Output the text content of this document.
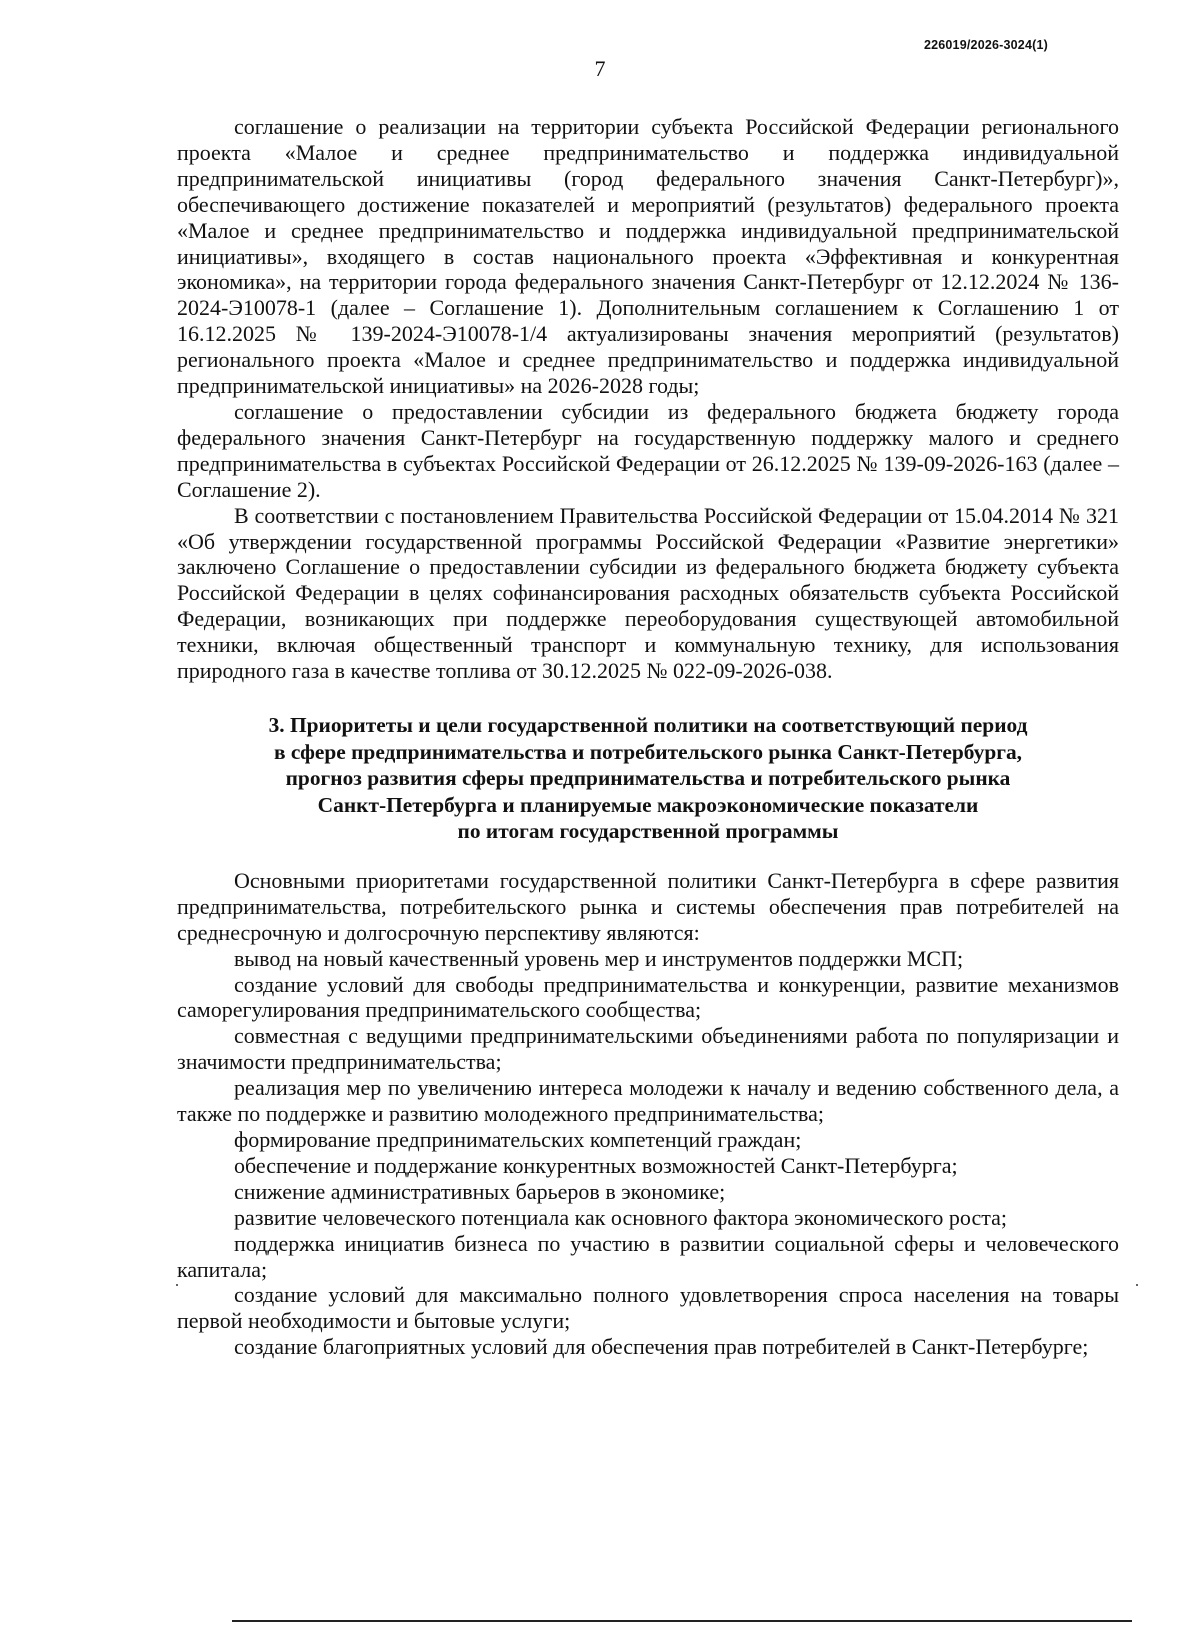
226019/2026-3024(1)
7

соглашение о реализации на территории субъекта Российской Федерации регионального проекта «Малое и среднее предпринимательство и поддержка индивидуальной предпринимательской инициативы (город федерального значения Санкт-Петербург)», обеспечивающего достижение показателей и мероприятий (результатов) федерального проекта «Малое и среднее предпринимательство и поддержка индивидуальной предпринимательской инициативы», входящего в состав национального проекта «Эффективная и конкурентная экономика», на территории города федерального значения Санкт-Петербург от 12.12.2024 № 136-2024-Э10078-1 (далее – Соглашение 1). Дополнительным соглашением к Соглашению 1 от 16.12.2025 № 139-2024-Э10078-1/4 актуализированы значения мероприятий (результатов) регионального проекта «Малое и среднее предпринимательство и поддержка индивидуальной предпринимательской инициативы» на 2026-2028 годы;

соглашение о предоставлении субсидии из федерального бюджета бюджету города федерального значения Санкт-Петербург на государственную поддержку малого и среднего предпринимательства в субъектах Российской Федерации от 26.12.2025 № 139-09-2026-163 (далее – Соглашение 2).

В соответствии с постановлением Правительства Российской Федерации от 15.04.2014 № 321 «Об утверждении государственной программы Российской Федерации «Развитие энергетики» заключено Соглашение о предоставлении субсидии из федерального бюджета бюджету субъекта Российской Федерации в целях софинансирования расходных обязательств субъекта Российской Федерации, возникающих при поддержке переоборудования существующей автомобильной техники, включая общественный транспорт и коммунальную технику, для использования природного газа в качестве топлива от 30.12.2025 № 022-09-2026-038.

3. Приоритеты и цели государственной политики на соответствующий период
в сфере предпринимательства и потребительского рынка Санкт-Петербурга,
прогноз развития сферы предпринимательства и потребительского рынка
Санкт-Петербурга и планируемые макроэкономические показатели
по итогам государственной программы

Основными приоритетами государственной политики Санкт-Петербурга в сфере развития предпринимательства, потребительского рынка и системы обеспечения прав потребителей на среднесрочную и долгосрочную перспективу являются:

вывод на новый качественный уровень мер и инструментов поддержки МСП;

создание условий для свободы предпринимательства и конкуренции, развитие механизмов саморегулирования предпринимательского сообщества;

совместная с ведущими предпринимательскими объединениями работа по популяризации и значимости предпринимательства;

реализация мер по увеличению интереса молодежи к началу и ведению собственного дела, а также по поддержке и развитию молодежного предпринимательства;

формирование предпринимательских компетенций граждан;

обеспечение и поддержание конкурентных возможностей Санкт-Петербурга;

снижение административных барьеров в экономике;

развитие человеческого потенциала как основного фактора экономического роста;

поддержка инициатив бизнеса по участию в развитии социальной сферы и человеческого капитала;

создание условий для максимально полного удовлетворения спроса населения на товары первой необходимости и бытовые услуги;

создание благоприятных условий для обеспечения прав потребителей в Санкт-Петербурге;
